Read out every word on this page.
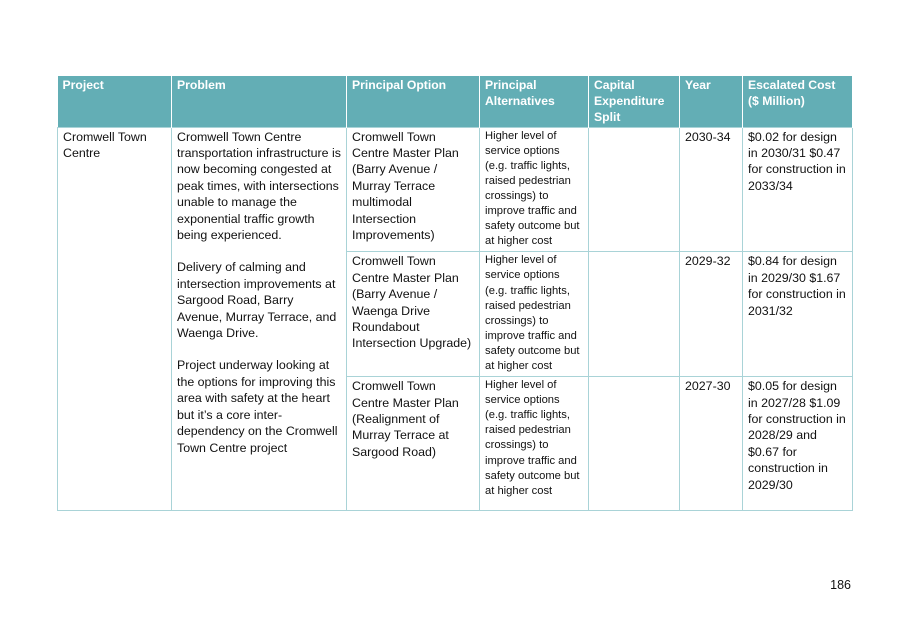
Project	Problem	Principal Option	Principal Alternatives	Capital Expenditure Split	Year	Escalated Cost ($ Million)
Cromwell Town Centre	Cromwell Town Centre transportation infrastructure is now becoming congested at peak times, with intersections unable to manage the exponential traffic growth being experienced.
Delivery of calming and intersection improvements at Sargood Road, Barry Avenue, Murray Terrace, and Waenga Drive.
Project underway looking at the options for improving this area with safety at the heart but it’s a core inter-dependency on the Cromwell Town Centre project	Cromwell Town Centre Master Plan (Barry Avenue / Murray Terrace multimodal Intersection Improvements)	Higher level of service options (e.g. traffic lights, raised pedestrian crossings) to improve traffic and safety outcome but at higher cost		2030-34	$0.02 for design in 2030/31 $0.47 for construction in 2033/34
		Cromwell Town Centre Master Plan (Barry Avenue / Waenga Drive Roundabout Intersection Upgrade)	Higher level of service options (e.g. traffic lights, raised pedestrian crossings) to improve traffic and safety outcome but at higher cost		2029-32	$0.84 for design in 2029/30 $1.67 for construction in 2031/32
		Cromwell Town Centre Master Plan (Realignment of Murray Terrace at Sargood Road)	Higher level of service options (e.g. traffic lights, raised pedestrian crossings) to improve traffic and safety outcome but at higher cost		2027-30	$0.05 for design in 2027/28 $1.09 for construction in 2028/29 and $0.67 for construction in 2029/30
186
